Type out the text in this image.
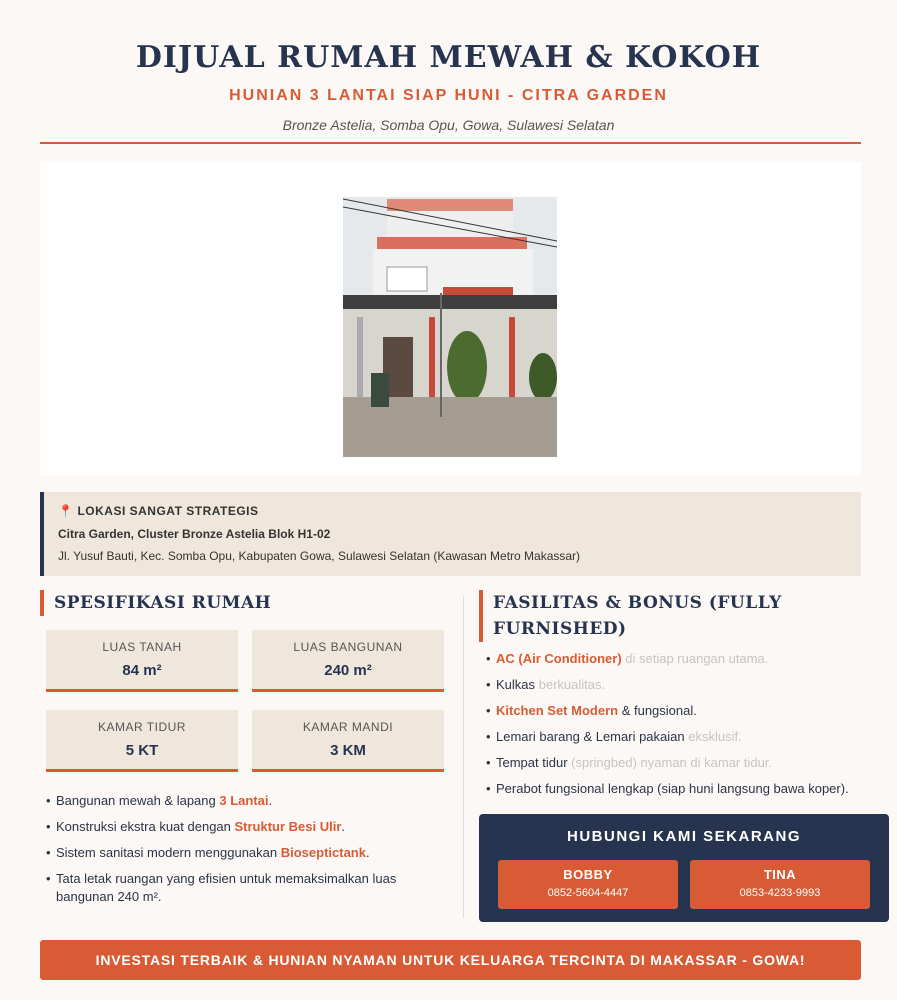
DIJUAL RUMAH MEWAH & KOKOH
HUNIAN 3 LANTAI SIAP HUNI - CITRA GARDEN
Bronze Astelia, Somba Opu, Gowa, Sulawesi Selatan
📍 LOKASI SANGAT STRATEGIS
Citra Garden, Cluster Bronze Astelia Blok H1-02
Jl. Yusuf Bauti, Kec. Somba Opu, Kabupaten Gowa, Sulawesi Selatan (Kawasan Metro Makassar)
SPESIFIKASI RUMAH
LUAS TANAH
84 m²
LUAS BANGUNAN
240 m²
KAMAR TIDUR
5 KT
KAMAR MANDI
3 KM
• Bangunan mewah & lapang 3 Lantai.
• Konstruksi ekstra kuat dengan Struktur Besi Ulir.
• Sistem sanitasi modern menggunakan Bioseptictank.
• Tata letak ruangan yang efisien untuk memaksimalkan luas bangunan 240 m².
FASILITAS & BONUS (FULLY FURNISHED)
• AC (Air Conditioner) di setiap ruangan utama.
• Kulkas berkualitas.
• Kitchen Set Modern & fungsional.
• Lemari barang & Lemari pakaian eksklusif.
• Tempat tidur (springbed) nyaman di kamar tidur.
• Perabot fungsional lengkap (siap huni langsung bawa koper).
HUBUNGI KAMI SEKARANG
BOBBY
0852-5604-4447
TINA
0853-4233-9993
INVESTASI TERBAIK & HUNIAN NYAMAN UNTUK KELUARGA TERCINTA DI MAKASSAR - GOWA!
